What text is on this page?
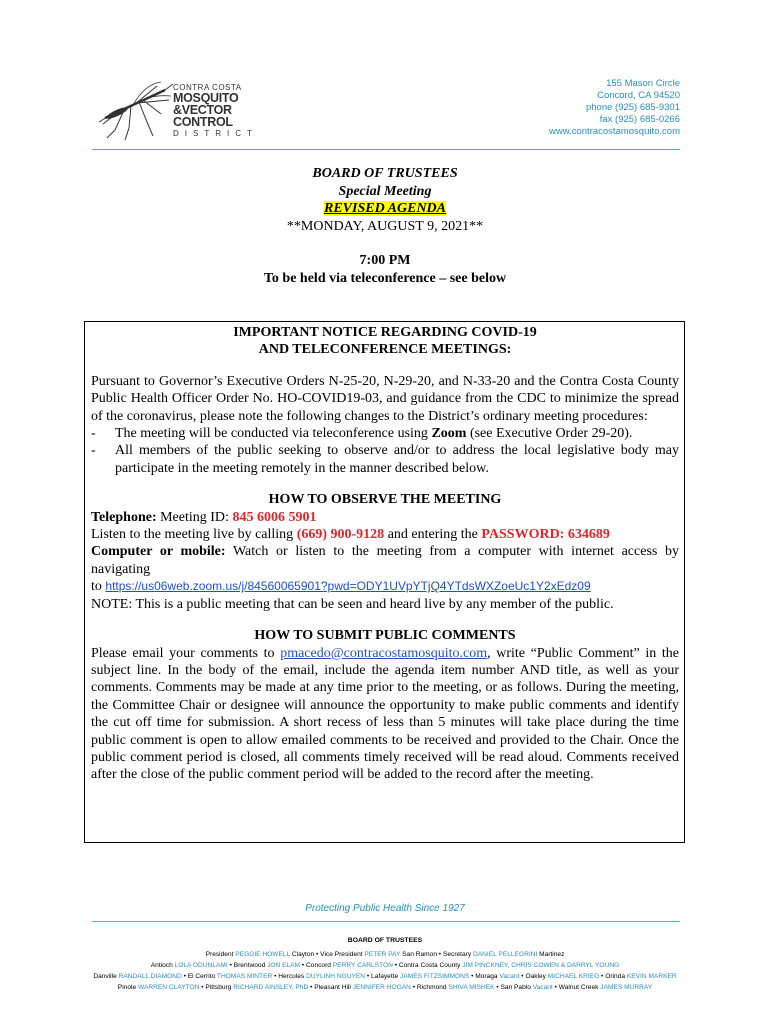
CONTRA COSTA
MOSQUITO
&VECTOR
CONTROL
DISTRICT
155 Mason Circle
Concord, CA 94520
phone (925) 685-9301
fax (925) 685-0266
www.contracostamosquito.com
BOARD OF TRUSTEES
Special Meeting
REVISED AGENDA
**MONDAY, AUGUST 9, 2021**
7:00 PM
To be held via teleconference – see below
IMPORTANT NOTICE REGARDING COVID-19
AND TELECONFERENCE MEETINGS:

Pursuant to Governor’s Executive Orders N-25-20, N-29-20, and N-33-20 and the Contra Costa County Public Health Officer Order No. HO-COVID19-03, and guidance from the CDC to minimize the spread of the coronavirus, please note the following changes to the District’s ordinary meeting procedures:

- The meeting will be conducted via teleconference using Zoom (see Executive Order 29-20).
- All members of the public seeking to observe and/or to address the local legislative body may participate in the meeting remotely in the manner described below.
HOW TO OBSERVE THE MEETING

Telephone: Meeting ID: 845 6006 5901

Listen to the meeting live by calling (669) 900-9128 and entering the PASSWORD: 634689

Computer or mobile: Watch or listen to the meeting from a computer with internet access by navigating

to https://us06web.zoom.us/j/84560065901?pwd=ODY1UVpYTjQ4YTdsWXZoeUc1Y2xEdz09

NOTE: This is a public meeting that can be seen and heard live by any member of the public.

HOW TO SUBMIT PUBLIC COMMENTS

Please email your comments to pmacedo@contracostamosquito.com, write “Public Comment” in the subject line. In the body of the email, include the agenda item number AND title, as well as your comments. Comments may be made at any time prior to the meeting, or as follows. During the meeting, the Committee Chair or designee will announce the opportunity to make public comments and identify the cut off time for submission. A short recess of less than 5 minutes will take place during the time public comment is open to allow emailed comments to be received and provided to the Chair. Once the public comment period is closed, all comments timely received will be read aloud. Comments received after the close of the public comment period will be added to the record after the meeting.

Protecting Public Health Since 1927
BOARD OF TRUSTEES
President PEGGIE HOWELL Clayton • Vice President PETER PAY San Ramon • Secretary DANIEL PELLEGRINI Martinez
Antioch LOLA ODUNLAMI • Brentwood JON ELAM • Concord PERRY CARLSTON • Contra Costa County JIM PINCKNEY, CHRIS COWEN & DARRYL YOUNG
Danville RANDALL DIAMOND • El Cerrito THOMAS MINTER • Hercules DUYLINH NGUYEN • Lafayette JAMES FITZSIMMONS • Moraga Vacant • Oakley MICHAEL KRIEG • Orinda KEVIN MARKER
Pinole WARREN CLAYTON • Pittsburg RICHARD AINSLEY, PhD • Pleasant Hill JENNIFER HOGAN • Richmond SHIVA MISHEK • San Pablo Vacant • Walnut Creek JAMES MURRAY
